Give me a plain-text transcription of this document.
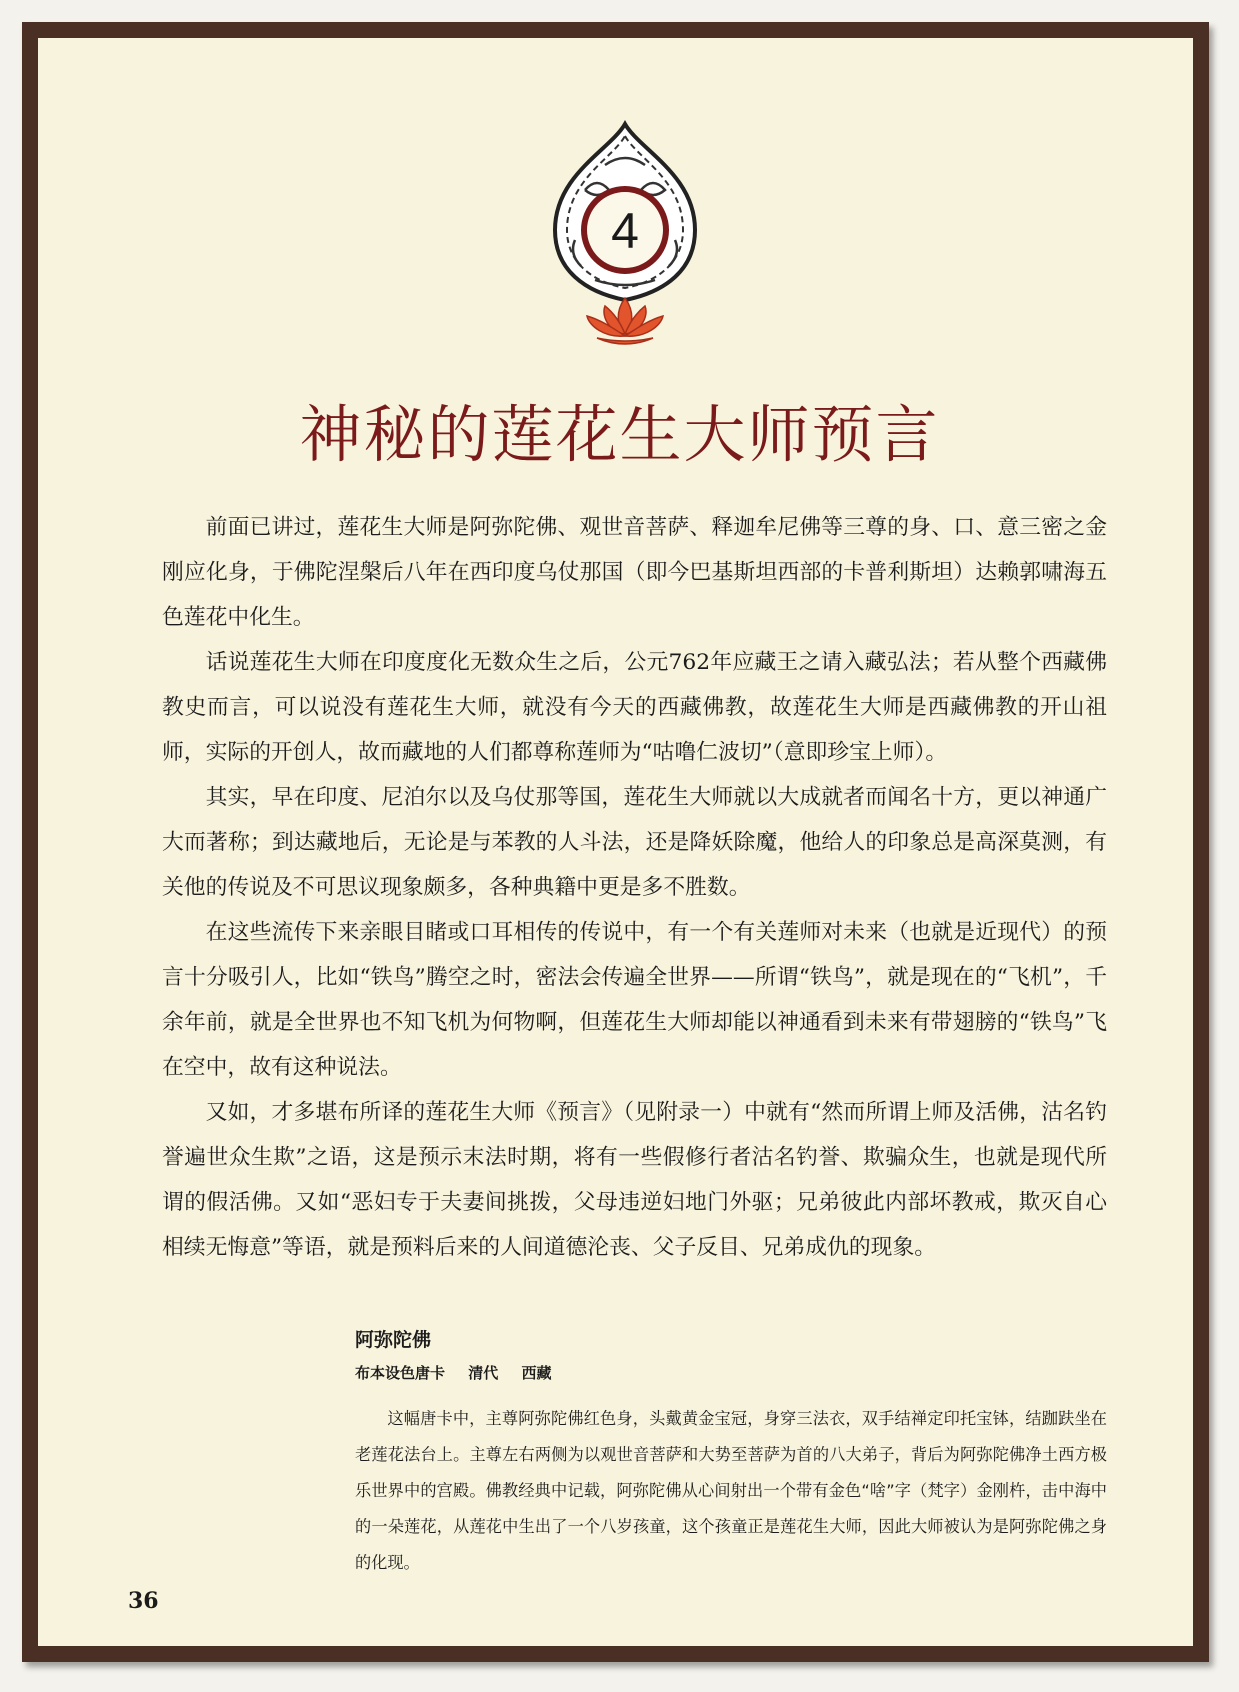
4
神秘的莲花生大师预言

前面已讲过，莲花生大师是阿弥陀佛、观世音菩萨、释迦牟尼佛等三尊的身、口、意三密之金刚应化身，于佛陀涅槃后八年在西印度乌仗那国（即今巴基斯坦西部的卡普利斯坦）达赖郭啸海五色莲花中化生。

话说莲花生大师在印度度化无数众生之后，公元762年应藏王之请入藏弘法；若从整个西藏佛教史而言，可以说没有莲花生大师，就没有今天的西藏佛教，故莲花生大师是西藏佛教的开山祖师，实际的开创人，故而藏地的人们都尊称莲师为“咕噜仁波切”（意即珍宝上师）。

其实，早在印度、尼泊尔以及乌仗那等国，莲花生大师就以大成就者而闻名十方，更以神通广大而著称；到达藏地后，无论是与苯教的人斗法，还是降妖除魔，他给人的印象总是高深莫测，有关他的传说及不可思议现象颇多，各种典籍中更是多不胜数。

在这些流传下来亲眼目睹或口耳相传的传说中，有一个有关莲师对未来（也就是近现代）的预言十分吸引人，比如“铁鸟”腾空之时，密法会传遍全世界——所谓“铁鸟”，就是现在的“飞机”，千余年前，就是全世界也不知飞机为何物啊，但莲花生大师却能以神通看到未来有带翅膀的“铁鸟”飞在空中，故有这种说法。

又如，才多堪布所译的莲花生大师《预言》（见附录一）中就有“然而所谓上师及活佛，沽名钓誉遍世众生欺”之语，这是预示末法时期，将有一些假修行者沽名钓誉、欺骗众生，也就是现代所谓的假活佛。又如“恶妇专于夫妻间挑拨，父母违逆妇地门外驱；兄弟彼此内部坏教戒，欺灭自心相续无悔意”等语，就是预料后来的人间道德沦丧、父子反目、兄弟成仇的现象。

阿弥陀佛

布本设色唐卡 清代 西藏

这幅唐卡中，主尊阿弥陀佛红色身，头戴黄金宝冠，身穿三法衣，双手结禅定印托宝钵，结跏趺坐在老莲花法台上。主尊左右两侧为以观世音菩萨和大势至菩萨为首的八大弟子，背后为阿弥陀佛净土西方极乐世界中的宫殿。佛教经典中记载，阿弥陀佛从心间射出一个带有金色“啥”字（梵字）金刚杵，击中海中的一朵莲花，从莲花中生出了一个八岁孩童，这个孩童正是莲花生大师，因此大师被认为是阿弥陀佛之身的化现。

36
